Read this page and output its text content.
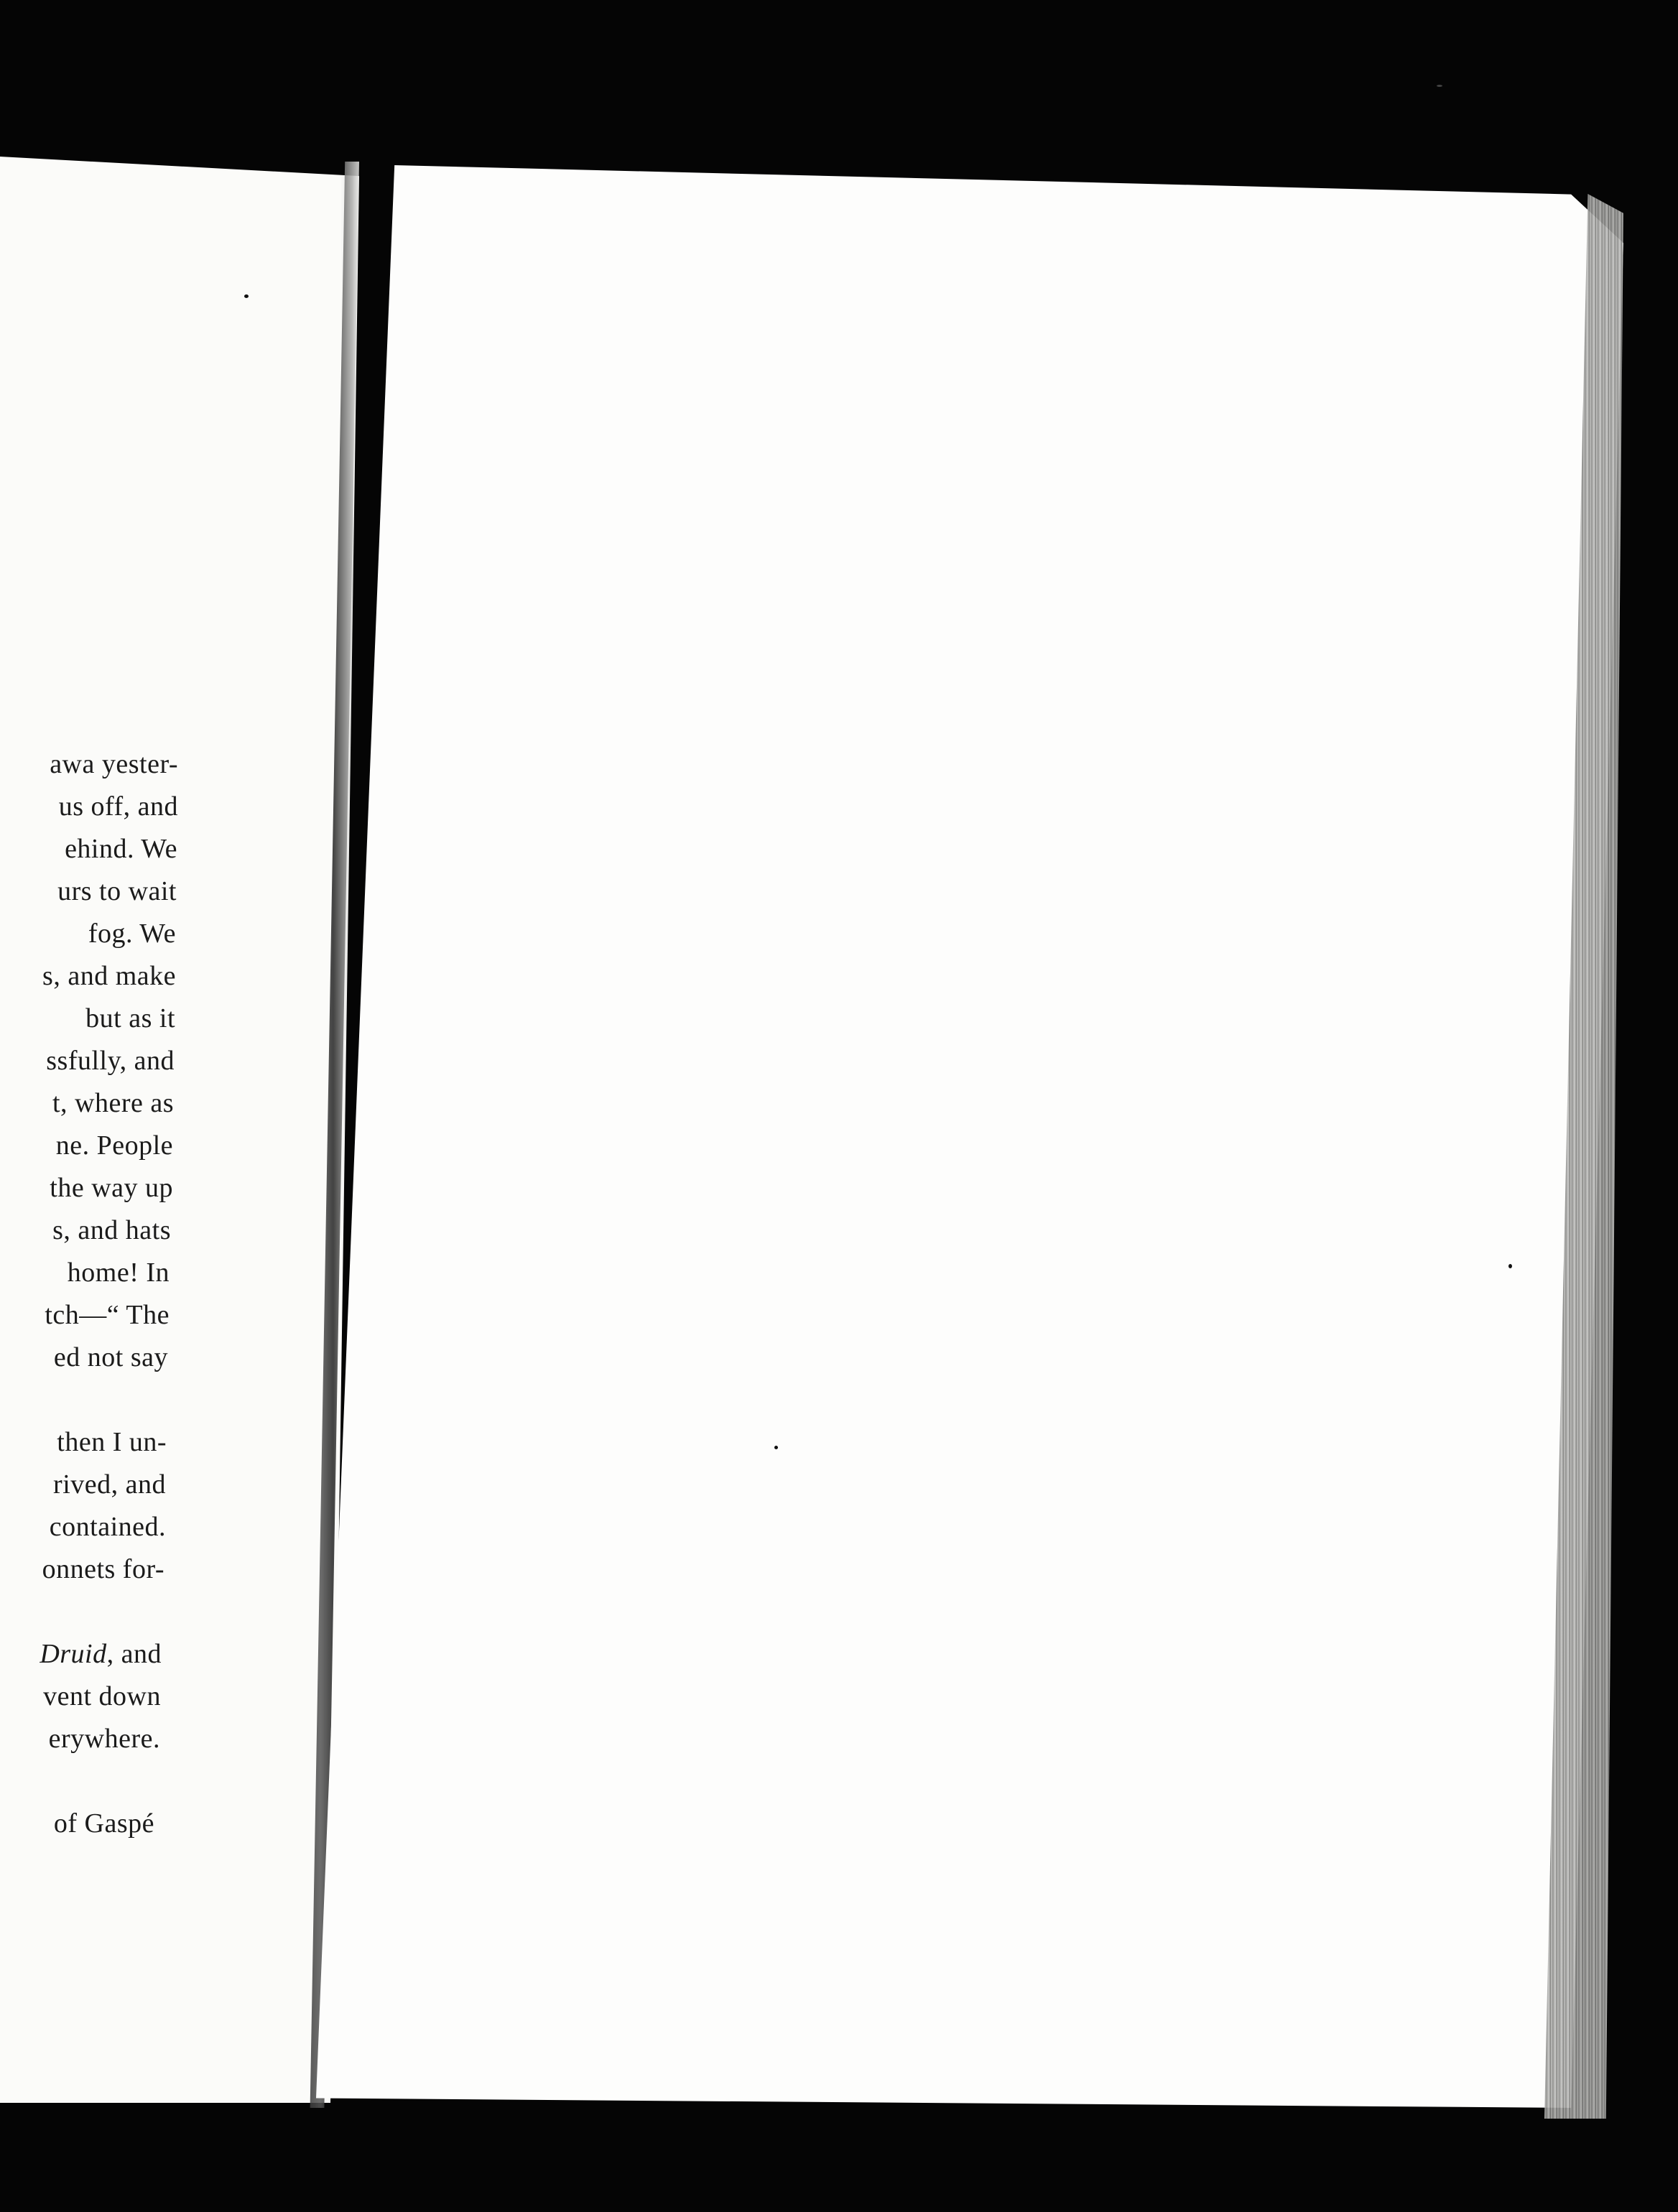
awa yester-
us off, and
ehind. We
urs to wait
fog. We
s, and make
but as it
ssfully, and
t, where as
ne. People
the way up
s, and hats
home! In
tch—“ The
ed not say
then I un-
rived, and
contained.
onnets for-
Druid, and
vent down
erywhere.
of Gaspé
